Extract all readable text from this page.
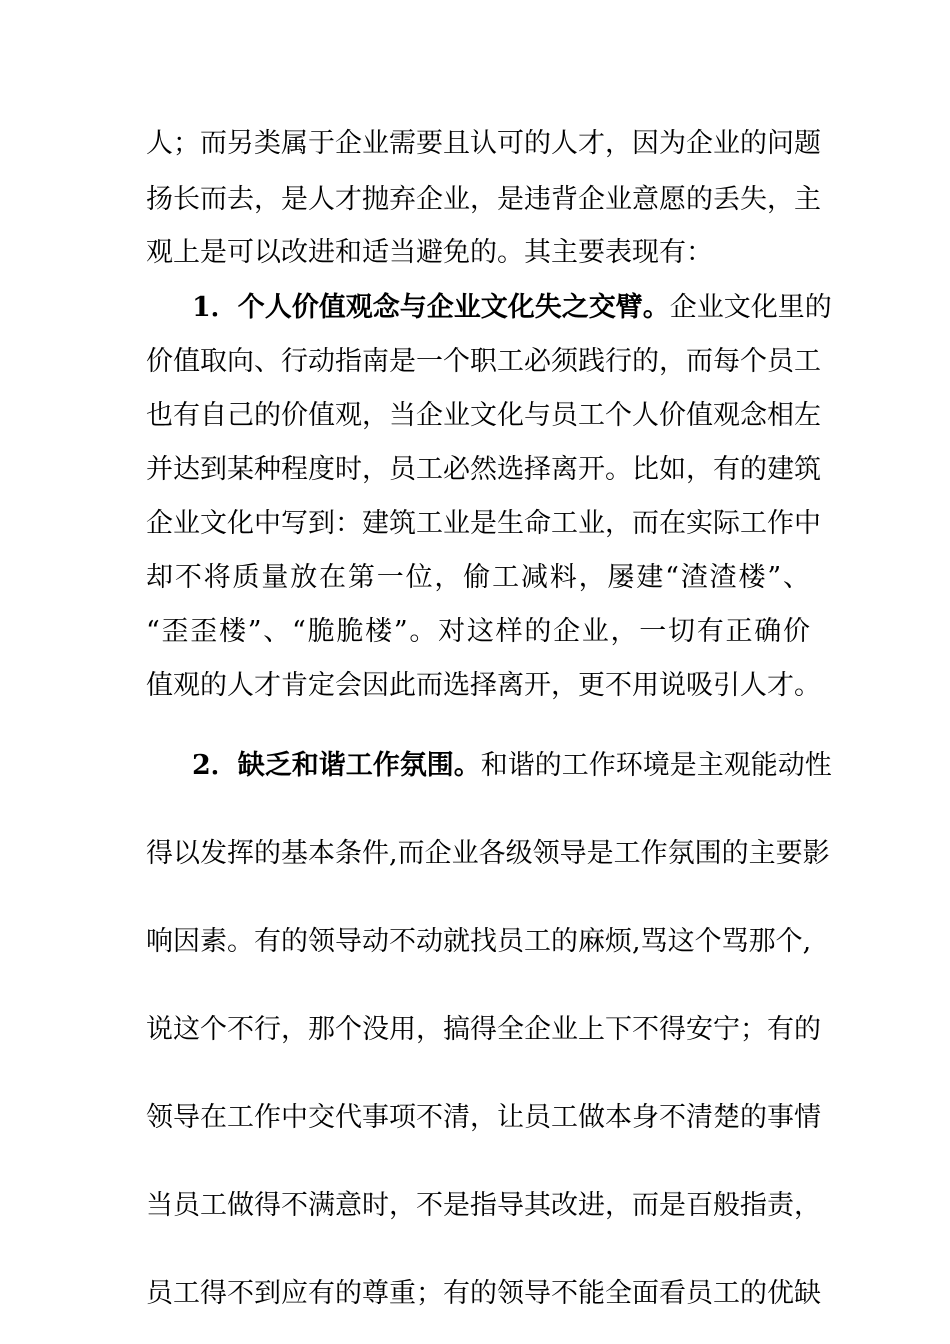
人；而另类属于企业需要且认可的人才，因为企业的问题
扬长而去，是人才抛弃企业，是违背企业意愿的丢失，主
观上是可以改进和适当避免的。其主要表现有：
1．个人价值观念与企业文化失之交臂。企业文化里的
价值取向、行动指南是一个职工必须践行的，而每个员工
也有自己的价值观，当企业文化与员工个人价值观念相左
并达到某种程度时，员工必然选择离开。比如，有的建筑
企业文化中写到：建筑工业是生命工业，而在实际工作中
却不将质量放在第一位，偷工减料，屡建“渣渣楼”、
“歪歪楼”、“脆脆楼”。对这样的企业，一切有正确价
值观的人才肯定会因此而选择离开，更不用说吸引人才。
2．缺乏和谐工作氛围。和谐的工作环境是主观能动性
得以发挥的基本条件,而企业各级领导是工作氛围的主要影
响因素。有的领导动不动就找员工的麻烦,骂这个骂那个,
说这个不行，那个没用，搞得全企业上下不得安宁；有的
领导在工作中交代事项不清，让员工做本身不清楚的事情
当员工做得不满意时，不是指导其改进，而是百般指责，
员工得不到应有的尊重；有的领导不能全面看员工的优缺
